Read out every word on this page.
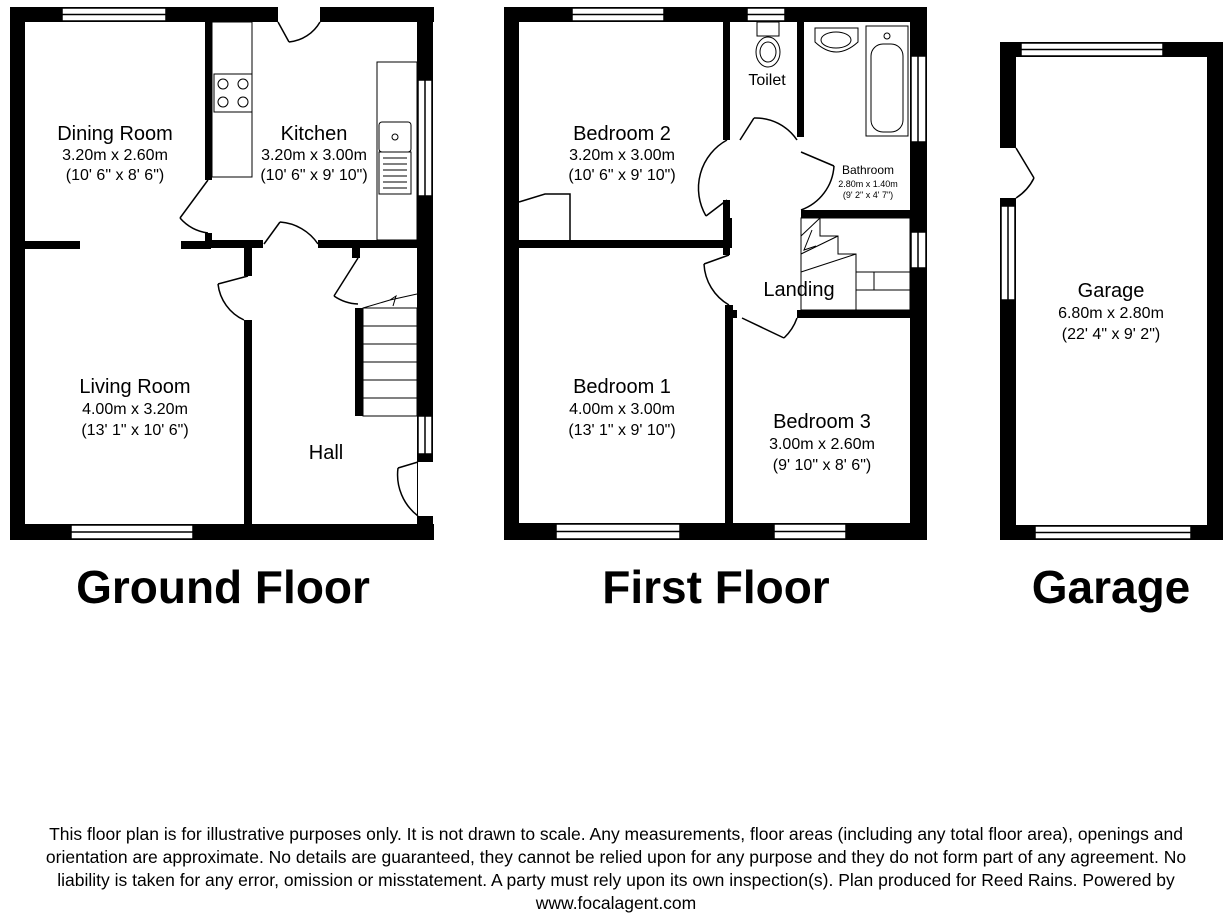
Dining Room
3.20m x 2.60m
(10' 6" x 8' 6")
Kitchen
3.20m x 3.00m
(10' 6" x 9' 10")
Living Room
4.00m x 3.20m
(13' 1" x 10' 6")
Hall
Ground Floor
Bedroom 2
3.20m x 3.00m
(10' 6" x 9' 10")
Toilet
Bathroom
2.80m x 1.40m
(9' 2" x 4' 7")
Landing
Bedroom 1
4.00m x 3.00m
(13' 1" x 9' 10")	Bedroom 3
3.00m x 2.60m
(9' 10" x 8' 6")
First Floor
Garage
6.80m x 2.80m
(22' 4" x 9' 2")
Garage
This floor plan is for illustrative purposes only. It is not drawn to scale. Any measurements, floor areas (including any total floor area), openings and
orientation are approximate. No details are guaranteed, they cannot be relied upon for any purpose and they do not form part of any agreement. No
liability is taken for any error, omission or misstatement. A party must rely upon its own inspection(s). Plan produced for Reed Rains. Powered by
www.focalagent.com
